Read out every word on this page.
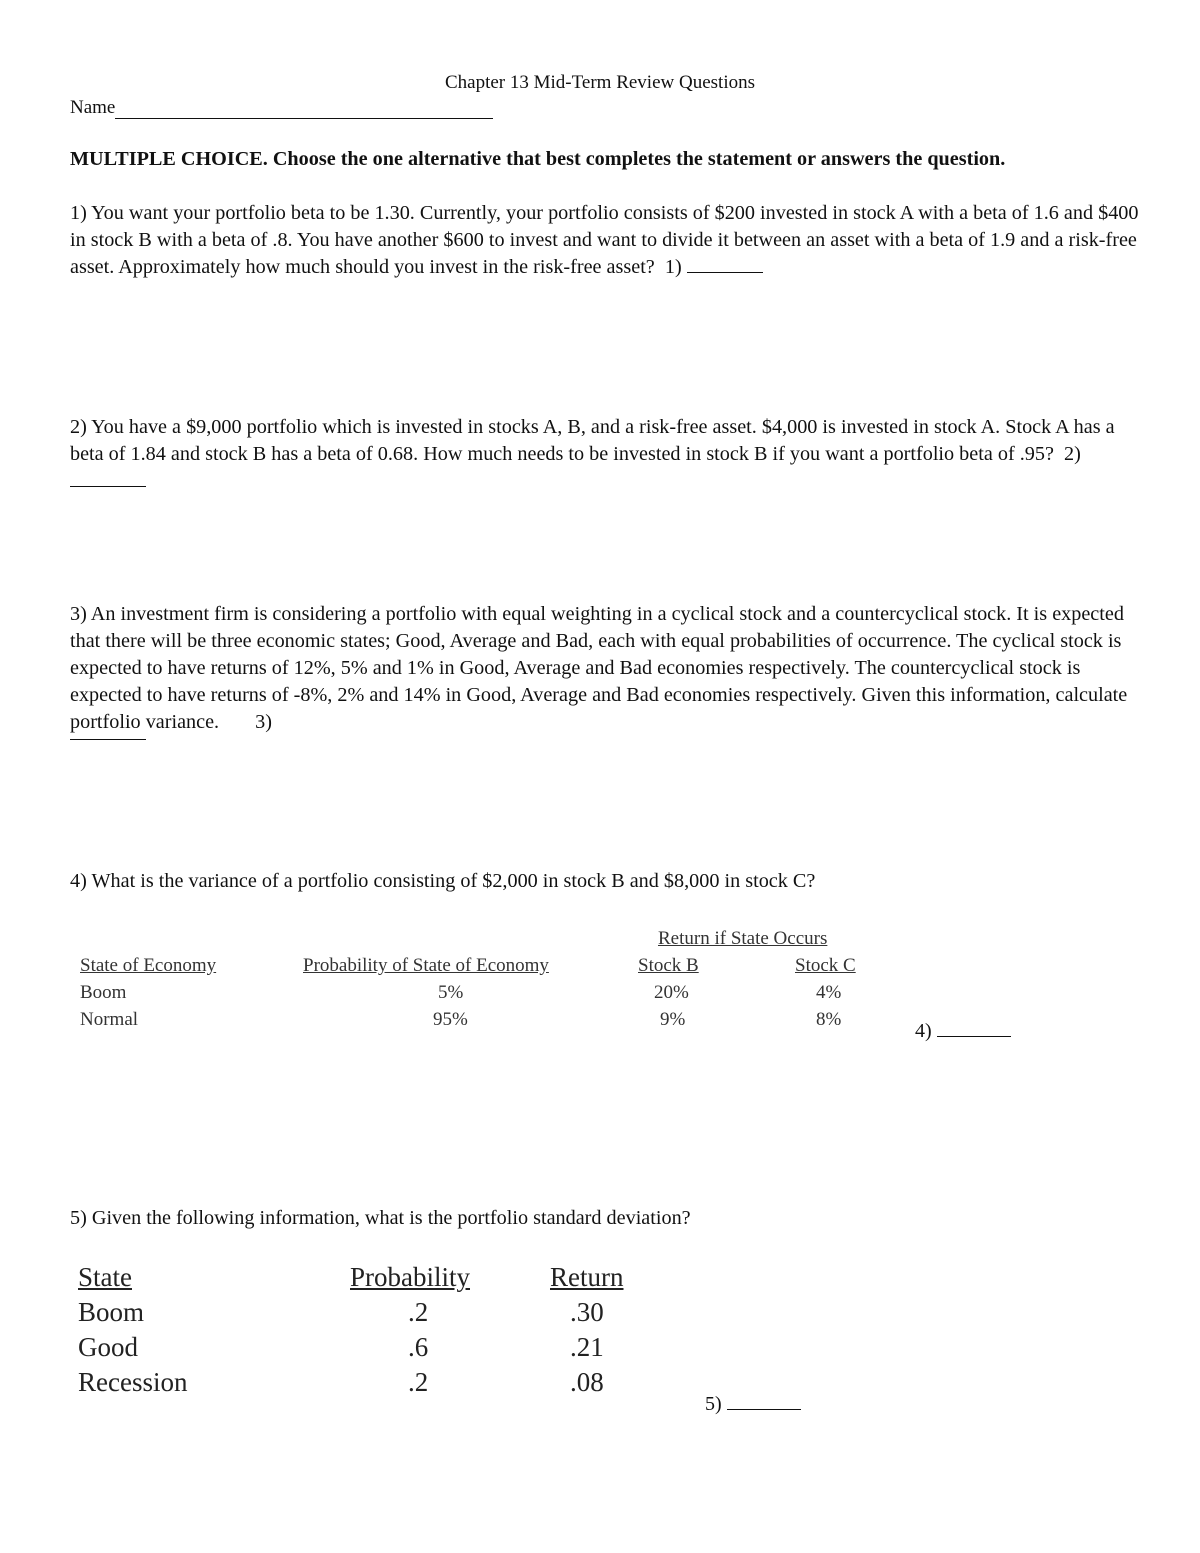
Chapter 13 Mid-Term Review Questions
Name
MULTIPLE CHOICE. Choose the one alternative that best completes the statement or answers the question.
1) You want your portfolio beta to be 1.30. Currently, your portfolio consists of $200 invested in stock A with a beta of 1.6 and $400 in stock B with a beta of .8. You have another $600 to invest and want to divide it between an asset with a beta of 1.9 and a risk-free asset. Approximately how much should you invest in the risk-free asset? 1)
2) You have a $9,000 portfolio which is invested in stocks A, B, and a risk-free asset. $4,000 is invested in stock A. Stock A has a beta of 1.84 and stock B has a beta of 0.68. How much needs to be invested in stock B if you want a portfolio beta of .95? 2)
3) An investment firm is considering a portfolio with equal weighting in a cyclical stock and a countercyclical stock. It is expected that there will be three economic states; Good, Average and Bad, each with equal probabilities of occurrence. The cyclical stock is expected to have returns of 12%, 5% and 1% in Good, Average and Bad economies respectively. The countercyclical stock is expected to have returns of -8%, 2% and 14% in Good, Average and Bad economies respectively. Given this information, calculate portfolio variance. 3)
4) What is the variance of a portfolio consisting of $2,000 in stock B and $8,000 in stock C?
Return if State Occurs
State of Economy	Probability of State of Economy	Stock B	Stock C
Boom	5%	20%	4%
Normal	95%	9%	8%
4)
5) Given the following information, what is the portfolio standard deviation?
State	Probability	Return
Boom	.2	.30
Good	.6	.21
Recession	.2	.08
5)
